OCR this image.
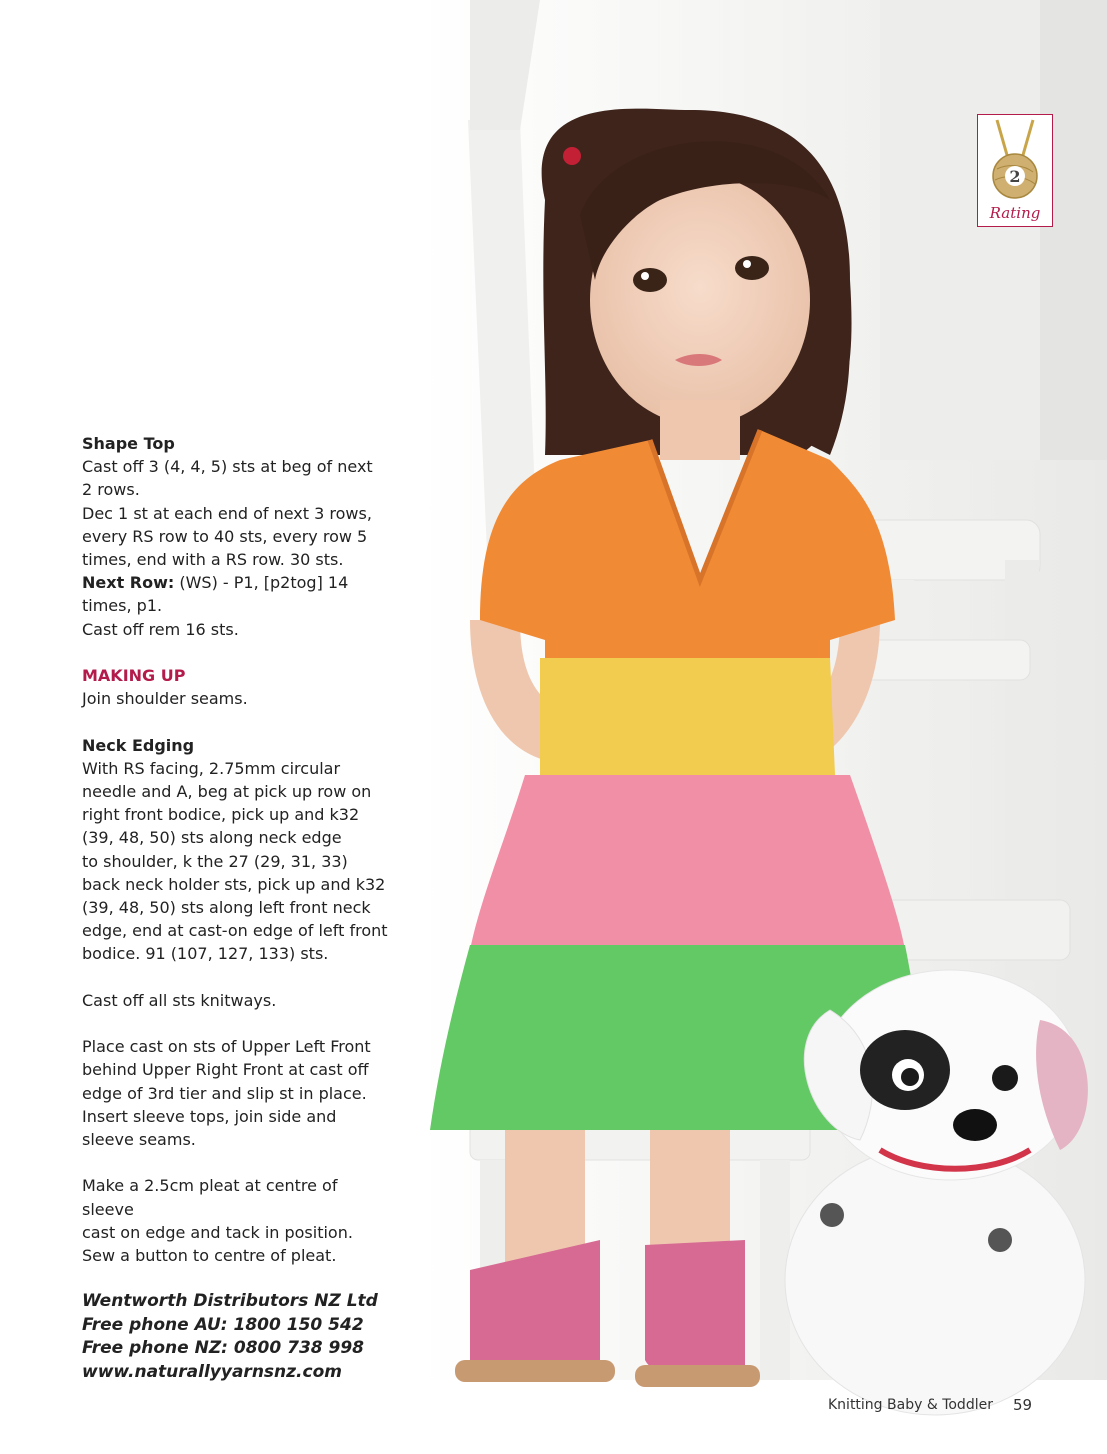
2
Rating

Shape Top

Cast off 3 (4, 4, 5) sts at beg of next

2 rows.

Dec 1 st at each end of next 3 rows,

every RS row to 40 sts, every row 5

times, end with a RS row. 30 sts.

Next Row: (WS) - P1, [p2tog] 14

times, p1.

Cast off rem 16 sts.

MAKING UP

Join shoulder seams.

Neck Edging

With RS facing, 2.75mm circular

needle and A, beg at pick up row on

right front bodice, pick up and k32

(39, 48, 50) sts along neck edge

to shoulder, k the 27 (29, 31, 33)

back neck holder sts, pick up and k32

(39, 48, 50) sts along left front neck

edge, end at cast-on edge of left front

bodice. 91 (107, 127, 133) sts.

Cast off all sts knitways.

Place cast on sts of Upper Left Front

behind Upper Right Front at cast off

edge of 3rd tier and slip st in place.

Insert sleeve tops, join side and

sleeve seams.

Make a 2.5cm pleat at centre of sleeve

cast on edge and tack in position.

Sew a button to centre of pleat.

Wentworth Distributors NZ Ltd

Free phone AU: 1800 150 542

Free phone NZ: 0800 738 998

www.naturallyyarnsnz.com

Knitting Baby & Toddler 59
